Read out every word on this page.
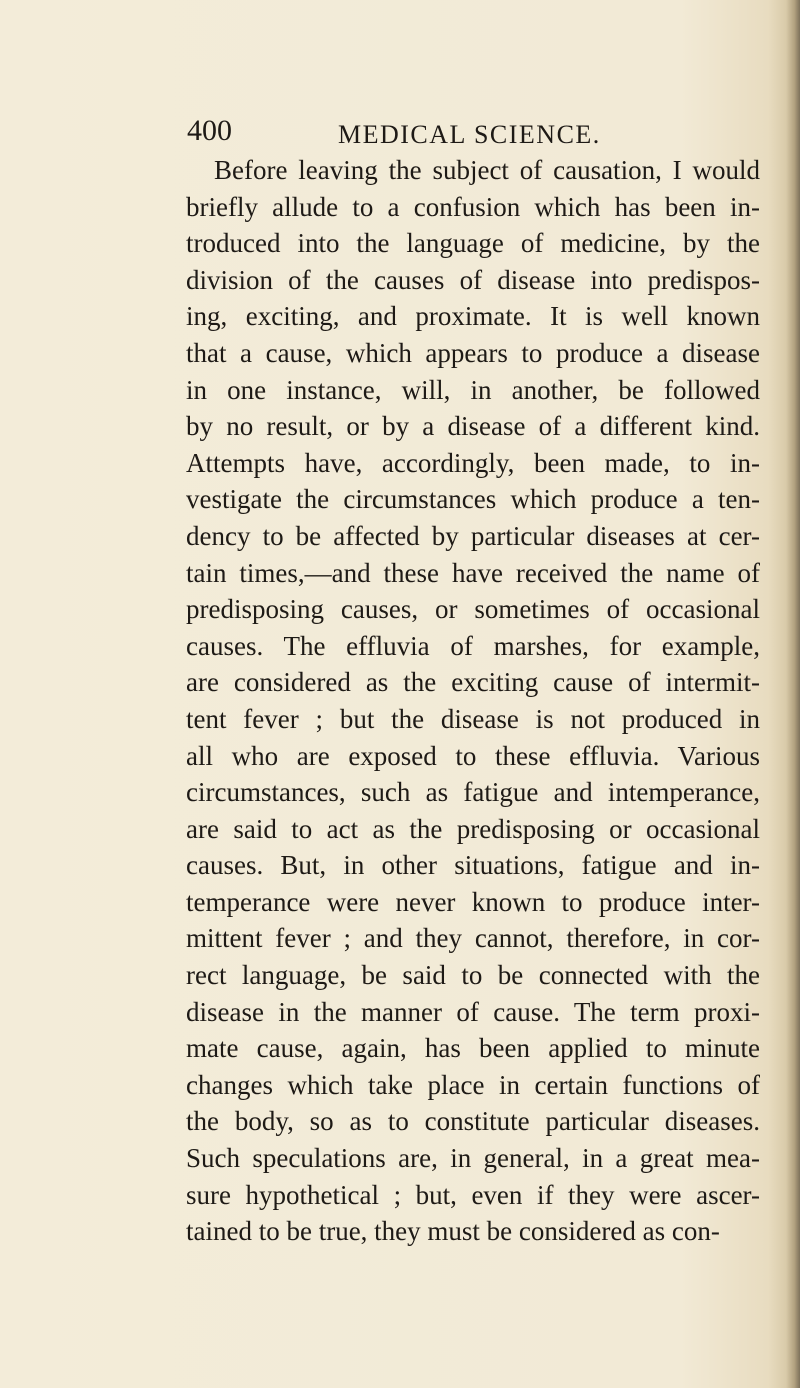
400	MEDICAL SCIENCE.
Before leaving the subject of causation, I would
briefly allude to a confusion which has been in-
troduced into the language of medicine, by the
division of the causes of disease into predispos-
ing, exciting, and proximate. It is well known
that a cause, which appears to produce a disease
in one instance, will, in another, be followed
by no result, or by a disease of a different kind.
Attempts have, accordingly, been made, to in-
vestigate the circumstances which produce a ten-
dency to be affected by particular diseases at cer-
tain times,—and these have received the name of
predisposing causes, or sometimes of occasional
causes. The effluvia of marshes, for example,
are considered as the exciting cause of intermit-
tent fever ; but the disease is not produced in
all who are exposed to these effluvia. Various
circumstances, such as fatigue and intemperance,
are said to act as the predisposing or occasional
causes. But, in other situations, fatigue and in-
temperance were never known to produce inter-
mittent fever ; and they cannot, therefore, in cor-
rect language, be said to be connected with the
disease in the manner of cause. The term proxi-
mate cause, again, has been applied to minute
changes which take place in certain functions of
the body, so as to constitute particular diseases.
Such speculations are, in general, in a great mea-
sure hypothetical ; but, even if they were ascer-
tained to be true, they must be considered as con-
